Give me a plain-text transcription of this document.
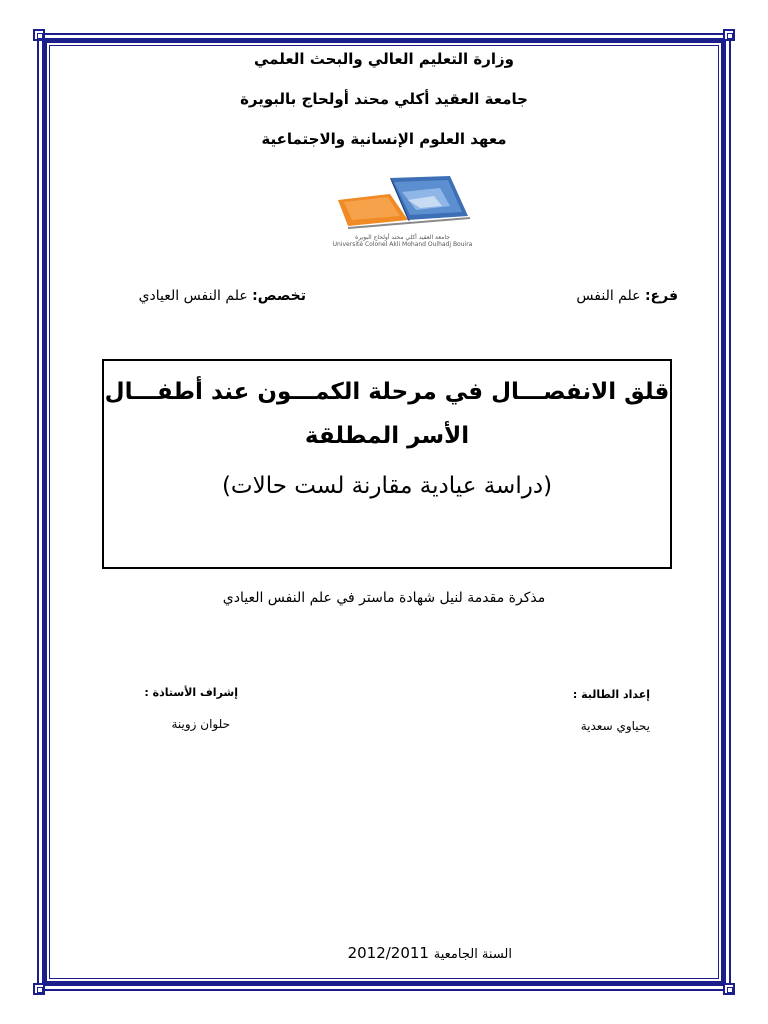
وزارة التعليم العالي والبحث العلمي
جامعة العقيد أكلي محند أولحاج بالبويرة
معهد العلوم الإنسانية والاجتماعية
جامعة العقيد أكلي محند أولحاج البويرة
Université Colonel Akli Mohand Oulhadj Bouira
فرع: علم النفس
تخصص: علم النفس العيادي
قلق الانفصـــال في مرحلة الكمـــون عند أطفـــال
الأسر المطلقة
(دراسة عيادية مقارنة لست حالات)
مذكرة مقدمة لنيل شهادة ماستر في علم النفس العيادي
إعداد الطالبة :
يحياوي سعدية
إشراف الأستاذة :
حلوان زوينة
السنة الجامعية 2012/2011
